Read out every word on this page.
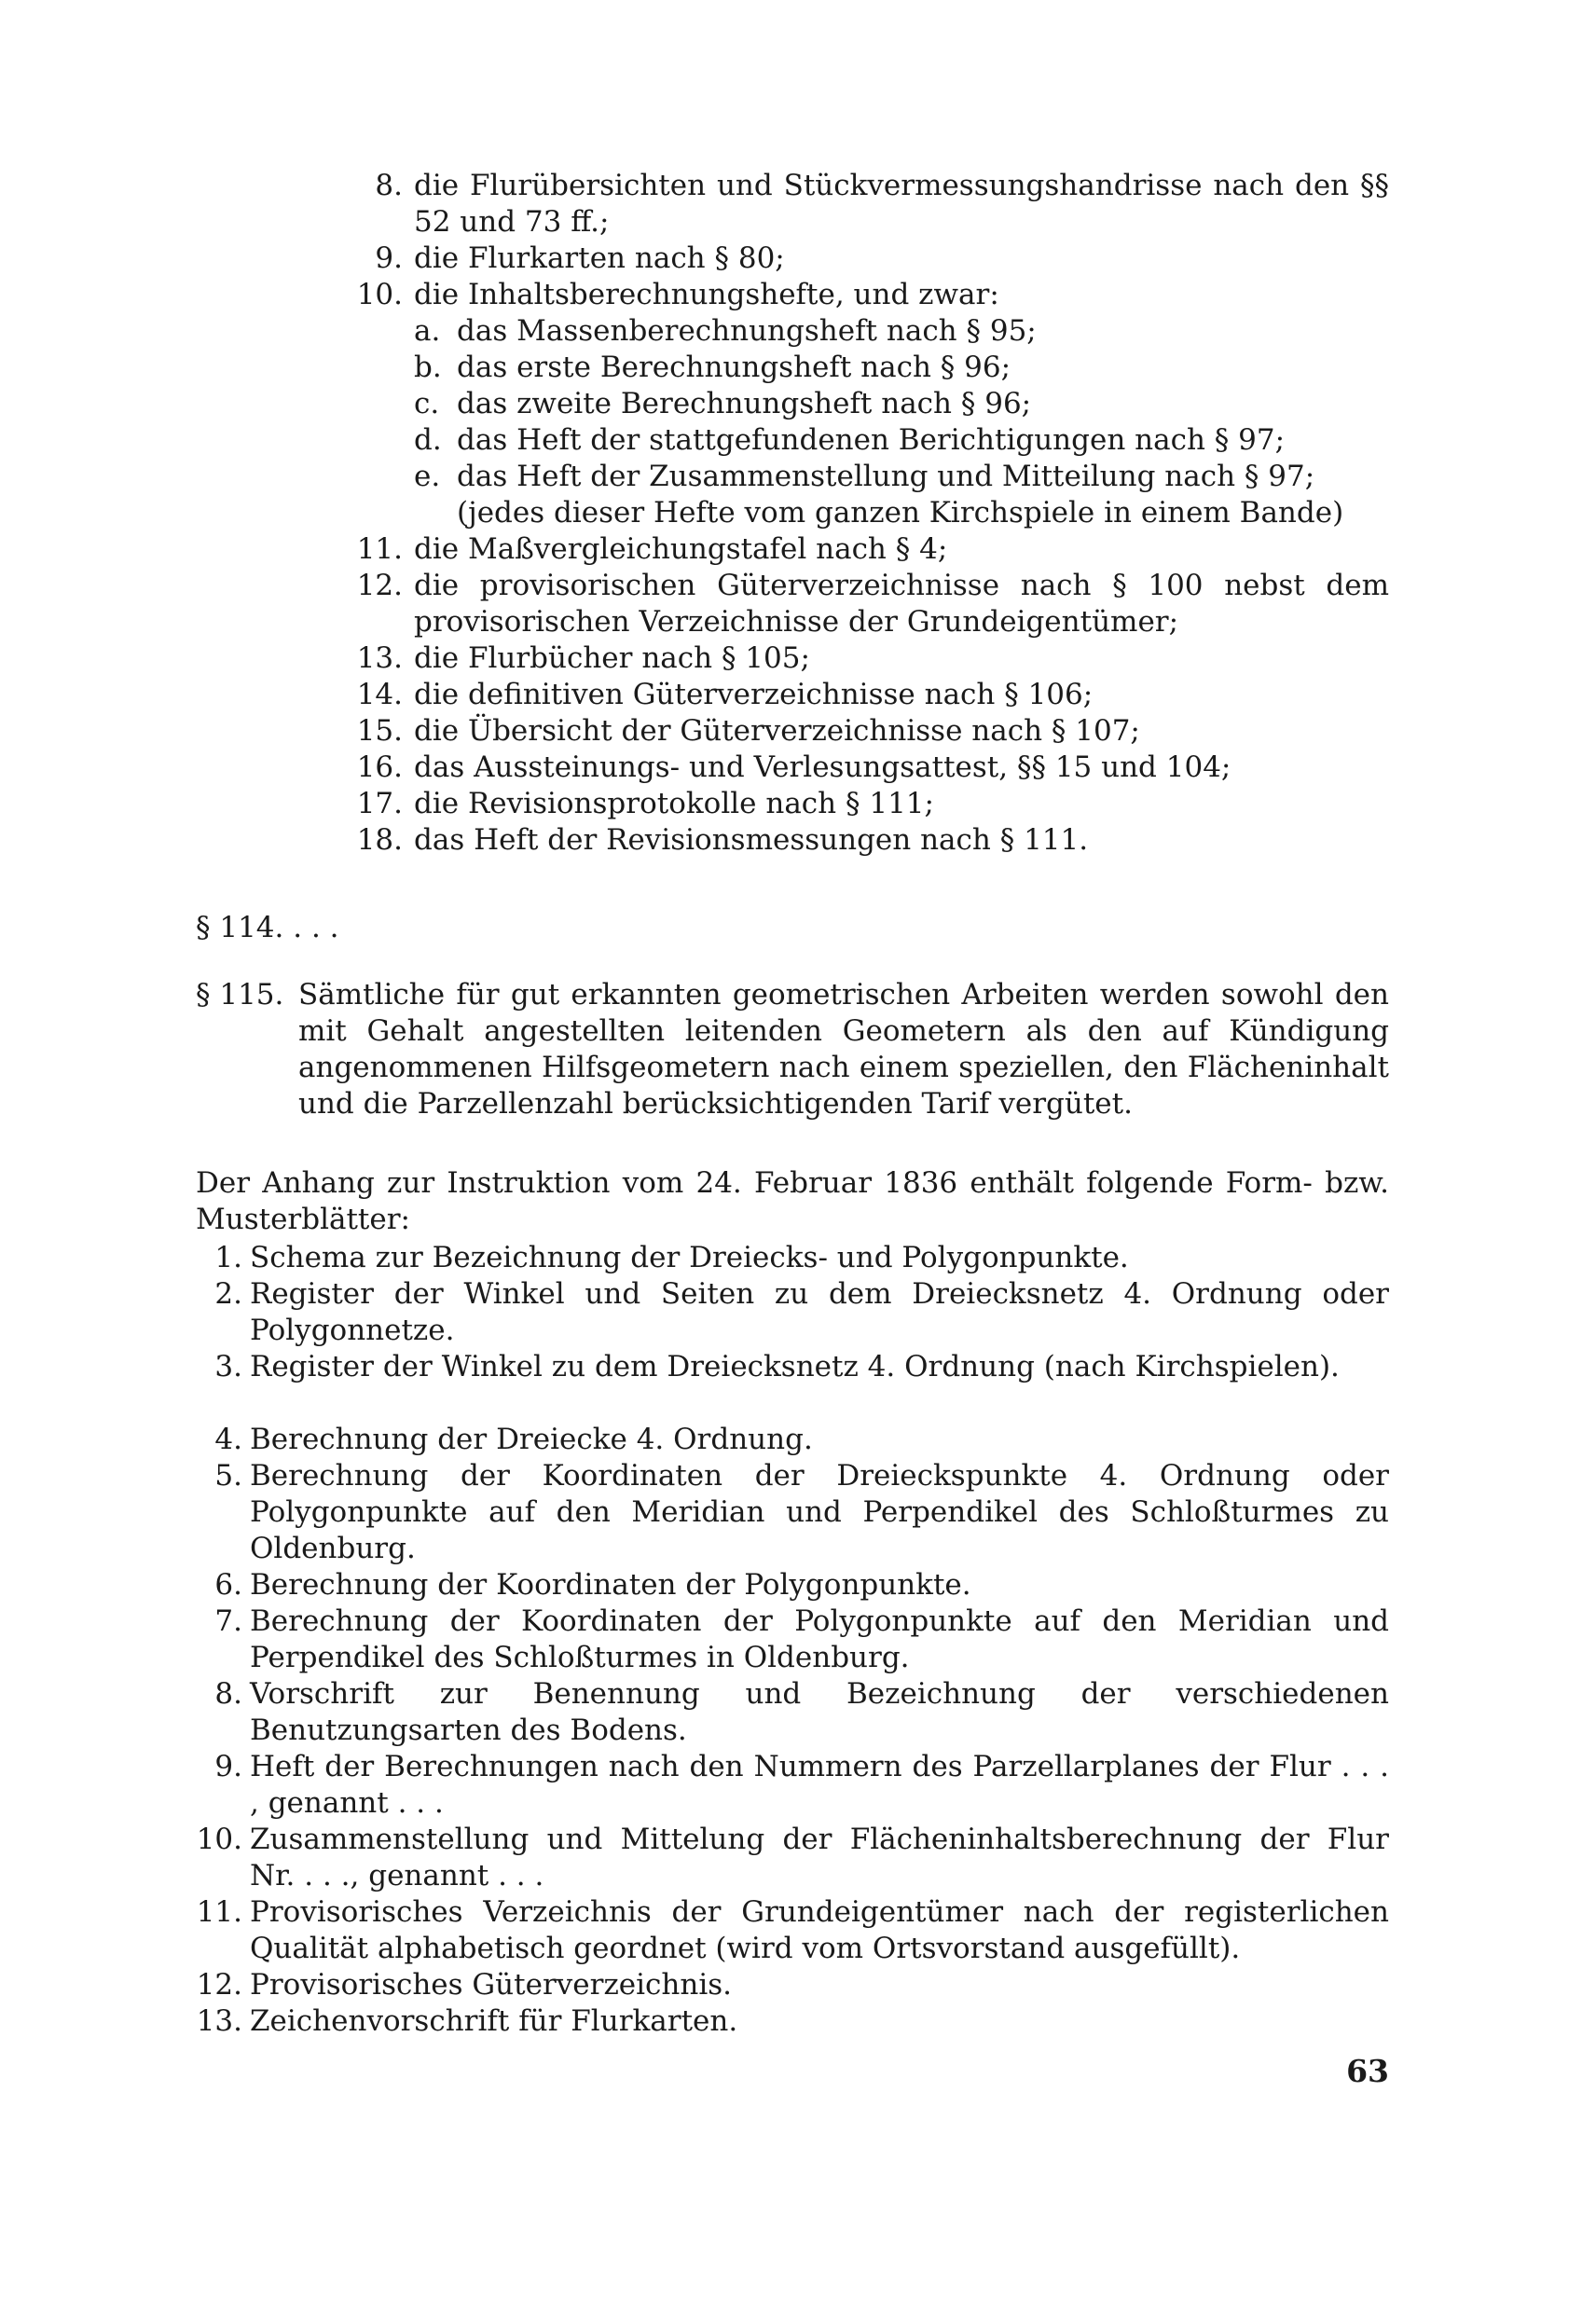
8. die Flurübersichten und Stückvermessungshandrisse nach den §§ 52 und 73 ff.;
9. die Flurkarten nach § 80;
10. die Inhaltsberechnungshefte, und zwar:
a. das Massenberechnungsheft nach § 95;
b. das erste Berechnungsheft nach § 96;
c. das zweite Berechnungsheft nach § 96;
d. das Heft der stattgefundenen Berichtigungen nach § 97;
e. das Heft der Zusammenstellung und Mitteilung nach § 97;
(jedes dieser Hefte vom ganzen Kirchspiele in einem Bande)
11. die Maßvergleichungstafel nach § 4;
12. die provisorischen Güterverzeichnisse nach § 100 nebst dem provisorischen Verzeichnisse der Grundeigentümer;
13. die Flurbücher nach § 105;
14. die definitiven Güterverzeichnisse nach § 106;
15. die Übersicht der Güterverzeichnisse nach § 107;
16. das Aussteinungs- und Verlesungsattest, §§ 15 und 104;
17. die Revisionsprotokolle nach § 111;
18. das Heft der Revisionsmessungen nach § 111.
§ 114. . . .
§ 115. Sämtliche für gut erkannten geometrischen Arbeiten werden sowohl den mit Gehalt angestellten leitenden Geometern als den auf Kündigung angenommenen Hilfsgeometern nach einem speziellen, den Flächeninhalt und die Parzellenzahl berücksichtigenden Tarif vergütet.
Der Anhang zur Instruktion vom 24. Februar 1836 enthält folgende Form- bzw. Musterblätter:
1. Schema zur Bezeichnung der Dreiecks- und Polygonpunkte.
2. Register der Winkel und Seiten zu dem Dreiecksnetz 4. Ordnung oder Polygonnetze.
3. Register der Winkel zu dem Dreiecksnetz 4. Ordnung (nach Kirchspielen).
4. Berechnung der Dreiecke 4. Ordnung.
5. Berechnung der Koordinaten der Dreieckspunkte 4. Ordnung oder Polygonpunkte auf den Meridian und Perpendikel des Schloßturmes zu Oldenburg.
6. Berechnung der Koordinaten der Polygonpunkte.
7. Berechnung der Koordinaten der Polygonpunkte auf den Meridian und Perpendikel des Schloßturmes in Oldenburg.
8. Vorschrift zur Benennung und Bezeichnung der verschiedenen Benutzungsarten des Bodens.
9. Heft der Berechnungen nach den Nummern des Parzellarplanes der Flur . . . , genannt . . .
10. Zusammenstellung und Mittelung der Flächeninhaltsberechnung der Flur Nr. . . ., genannt . . .
11. Provisorisches Verzeichnis der Grundeigentümer nach der registerlichen Qualität alphabetisch geordnet (wird vom Ortsvorstand ausgefüllt).
12. Provisorisches Güterverzeichnis.
13. Zeichenvorschrift für Flurkarten.
63
